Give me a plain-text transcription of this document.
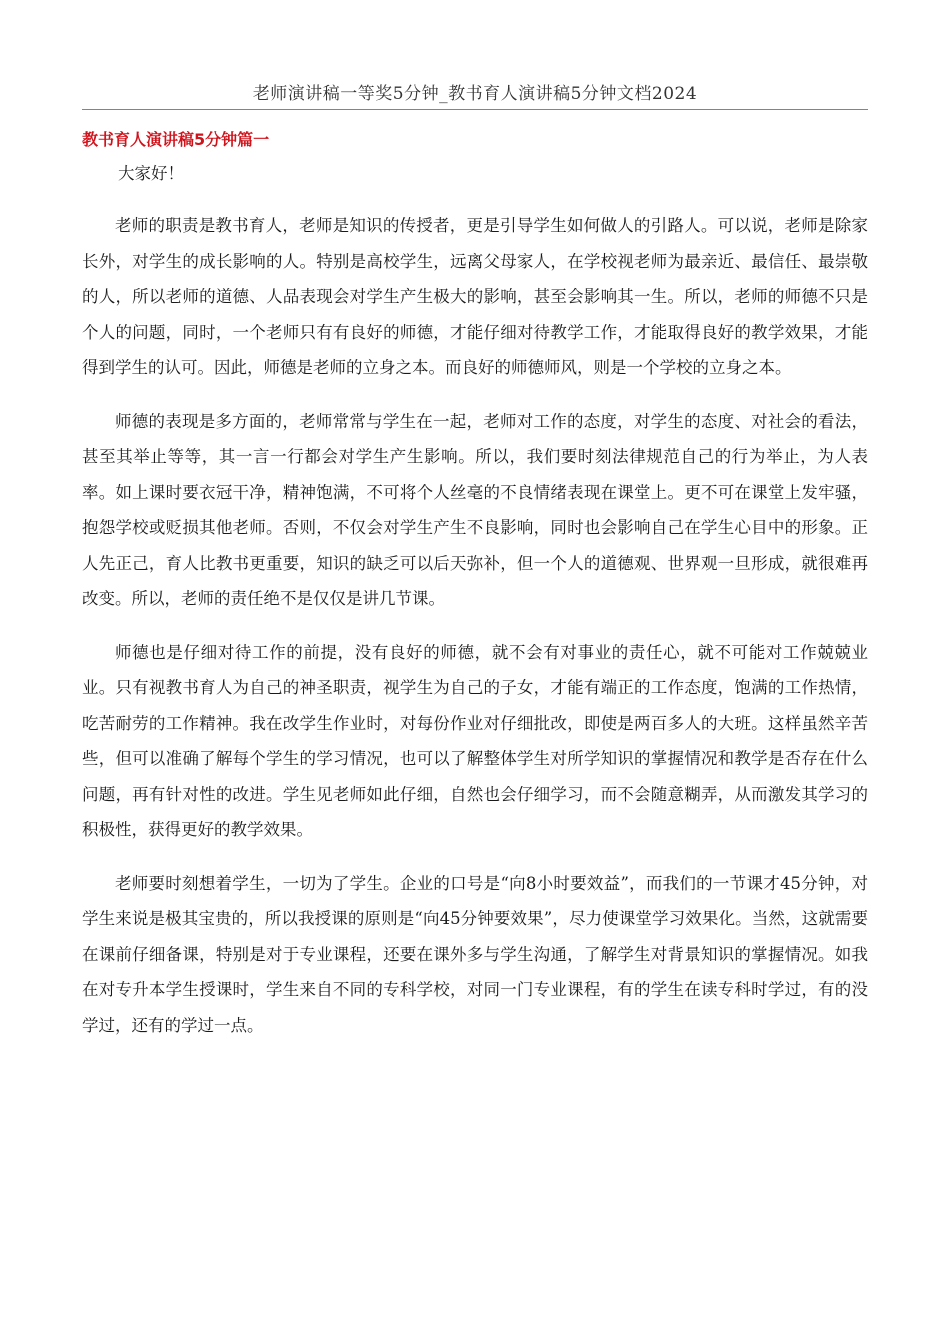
老师演讲稿一等奖5分钟_教书育人演讲稿5分钟文档2024
教书育人演讲稿5分钟篇一
大家好！

老师的职责是教书育人，老师是知识的传授者，更是引导学生如何做人的引路人。可以说，老师是除家长外，对学生的成长影响的人。特别是高校学生，远离父母家人，在学校视老师为最亲近、最信任、最崇敬的人，所以老师的道德、人品表现会对学生产生极大的影响，甚至会影响其一生。所以，老师的师德不只是个人的问题，同时，一个老师只有有良好的师德，才能仔细对待教学工作，才能取得良好的教学效果，才能得到学生的认可。因此，师德是老师的立身之本。而良好的师德师风，则是一个学校的立身之本。

师德的表现是多方面的，老师常常与学生在一起，老师对工作的态度，对学生的态度、对社会的看法，甚至其举止等等，其一言一行都会对学生产生影响。所以，我们要时刻法律规范自己的行为举止，为人表率。如上课时要衣冠干净，精神饱满，不可将个人丝毫的不良情绪表现在课堂上。更不可在课堂上发牢骚，抱怨学校或贬损其他老师。否则，不仅会对学生产生不良影响，同时也会影响自己在学生心目中的形象。正人先正己，育人比教书更重要，知识的缺乏可以后天弥补，但一个人的道德观、世界观一旦形成，就很难再改变。所以，老师的责任绝不是仅仅是讲几节课。

师德也是仔细对待工作的前提，没有良好的师德，就不会有对事业的责任心，就不可能对工作兢兢业业。只有视教书育人为自己的神圣职责，视学生为自己的子女，才能有端正的工作态度，饱满的工作热情，吃苦耐劳的工作精神。我在改学生作业时，对每份作业对仔细批改，即使是两百多人的大班。这样虽然辛苦些，但可以准确了解每个学生的学习情况，也可以了解整体学生对所学知识的掌握情况和教学是否存在什么问题，再有针对性的改进。学生见老师如此仔细，自然也会仔细学习，而不会随意糊弄，从而激发其学习的积极性，获得更好的教学效果。

老师要时刻想着学生，一切为了学生。企业的口号是“向8小时要效益”，而我们的一节课才45分钟，对学生来说是极其宝贵的，所以我授课的原则是“向45分钟要效果”，尽力使课堂学习效果化。当然，这就需要在课前仔细备课，特别是对于专业课程，还要在课外多与学生沟通，了解学生对背景知识的掌握情况。如我在对专升本学生授课时，学生来自不同的专科学校，对同一门专业课程，有的学生在读专科时学过，有的没学过，还有的学过一点。
